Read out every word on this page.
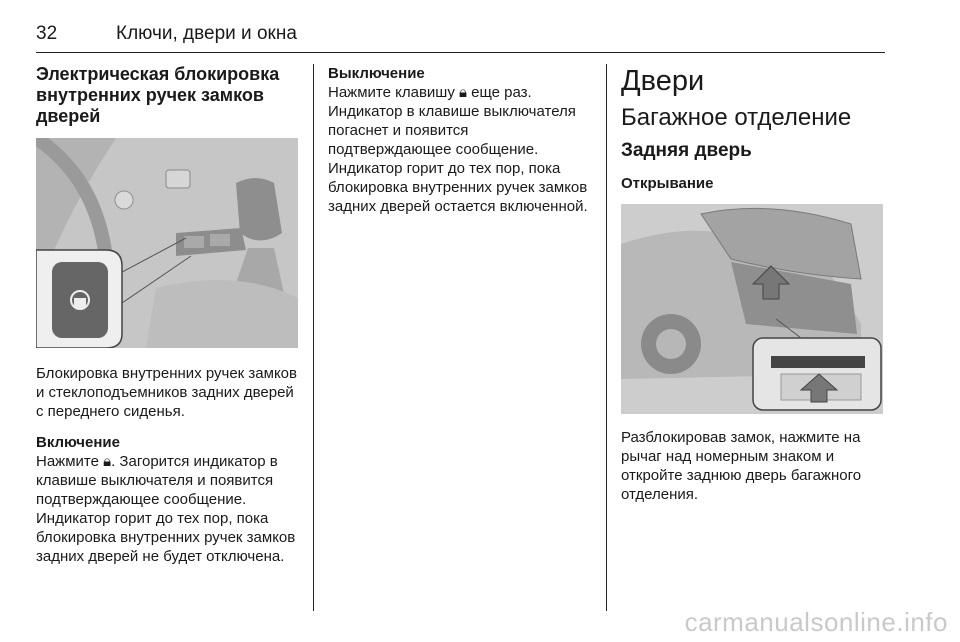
32	Ключи, двери и окна
Электрическая блокировка внутренних ручек замков дверей

Блокировка внутренних ручек замков и стеклоподъемников задних дверей с переднего сиденья.

Включение

Нажмите 🔒︎. Загорится индикатор в клавише выключателя и появится подтверждающее сообщение. Индикатор горит до тех пор, пока блокировка внутренних ручек замков задних дверей не будет отключена.

Выключение

Нажмите клавишу 🔒︎ еще раз. Индикатор в клавише выключателя погаснет и появится подтверждающее сообщение. Индикатор горит до тех пор, пока блокировка внутренних ручек замков задних дверей остается включенной.

Двери
Багажное отделение
Задняя дверь
Открывание

Разблокировав замок, нажмите на рычаг над номерным знаком и откройте заднюю дверь багажного отделения.

carmanualsonline.info
